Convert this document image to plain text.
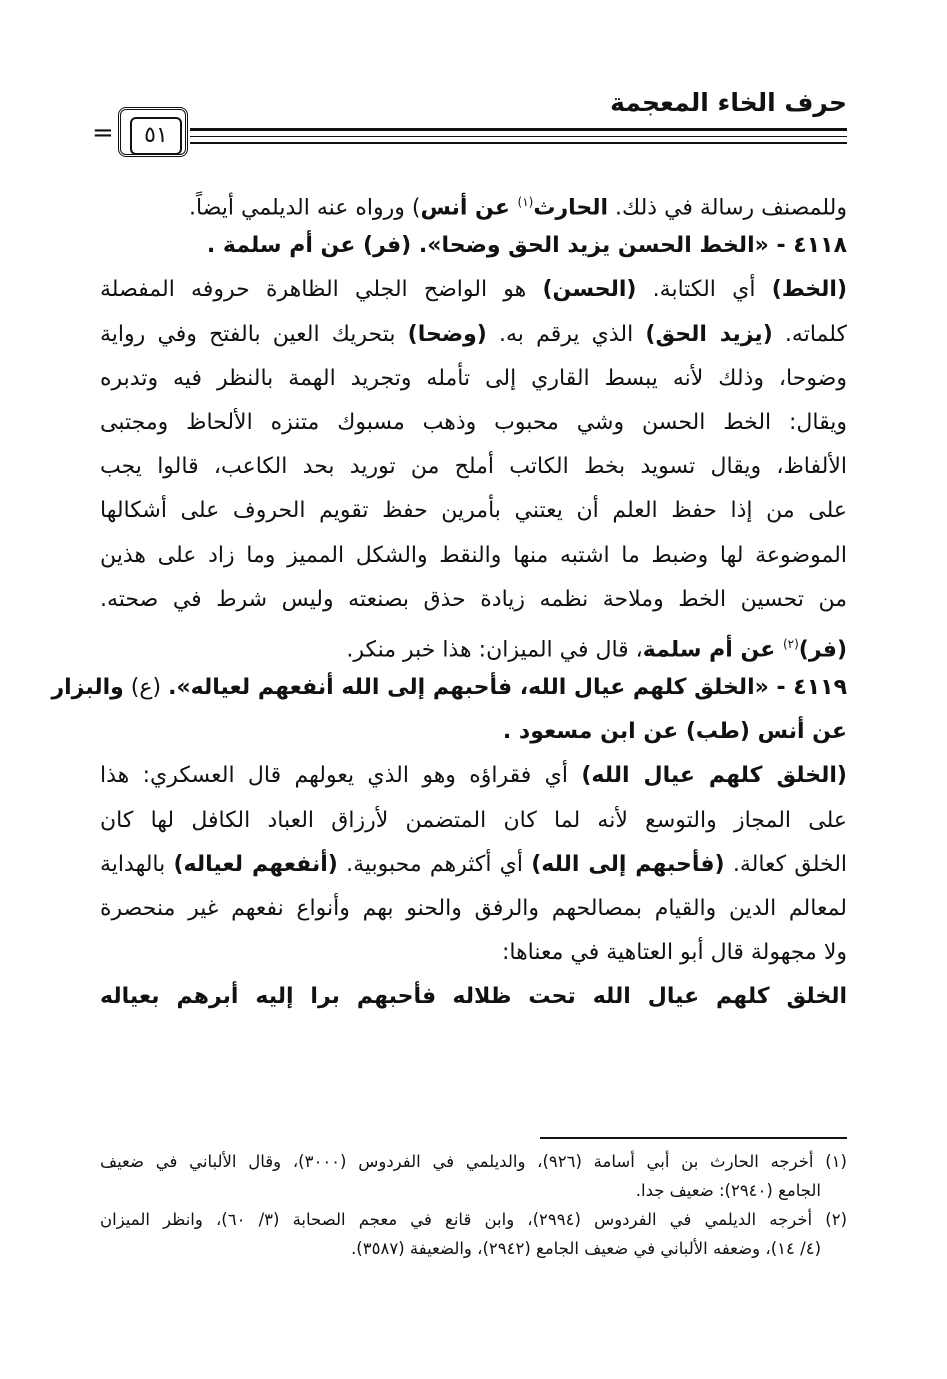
حرف الخاء المعجمة
٥١
=
وللمصنف رسالة في ذلك. الحارث$^{(١)}$ عن أنس) ورواه عنه الديلمي أيضاً.
٤١١٨ - «الخط الحسن يزيد الحق وضحا». (فر) عن أم سلمة .
(الخط) أي الكتابة. (الحسن) هو الواضح الجلي الظاهرة حروفه المفصلة
كلماته. (يزيد الحق) الذي يرقم به. (وضحا) بتحريك العين بالفتح وفي رواية
وضوحا، وذلك لأنه يبسط القاري إلى تأمله وتجريد الهمة بالنظر فيه وتدبره
ويقال: الخط الحسن وشي محبوب وذهب مسبوك متنزه الألحاظ ومجتبى
الألفاظ، ويقال تسويد بخط الكاتب أملح من توريد بحد الكاعب، قالوا يجب
على من إذا حفظ العلم أن يعتني بأمرين حفظ تقويم الحروف على أشكالها
الموضوعة لها وضبط ما اشتبه منها والنقط والشكل المميز وما زاد على هذين
من تحسين الخط وملاحة نظمه زيادة حذق بصنعته وليس شرط في صحته.
(فر)$^{(٢)}$ عن أم سلمة، قال في الميزان: هذا خبر منكر.
٤١١٩ - «الخلق كلهم عيال الله، فأحبهم إلى الله أنفعهم لعياله». (ع) والبزار
عن أنس (طب) عن ابن مسعود .
(الخلق كلهم عيال الله) أي فقراؤه وهو الذي يعولهم قال العسكري: هذا
على المجاز والتوسع لأنه لما كان المتضمن لأرزاق العباد الكافل لها كان
الخلق كعالة. (فأحبهم إلى الله) أي أكثرهم محبوبية. (أنفعهم لعياله) بالهداية
لمعالم الدين والقيام بمصالحهم والرفق والحنو بهم وأنواع نفعهم غير منحصرة
ولا مجهولة قال أبو العتاهية في معناها:
الخلق كلهم عيال الله تحت ظلاله فأحبهم برا إليه أبرهم بعياله
(١) أخرجه الحارث بن أبي أسامة (٩٢٦)، والديلمي في الفردوس (٣٠٠٠)، وقال الألباني في ضعيف
الجامع (٢٩٤٠): ضعيف جدا.
(٢) أخرجه الديلمي في الفردوس (٢٩٩٤)، وابن قانع في معجم الصحابة (٣/ ٦٠)، وانظر الميزان
(٤/ ١٤)، وضعفه الألباني في ضعيف الجامع (٢٩٤٢)، والضعيفة (٣٥٨٧).
